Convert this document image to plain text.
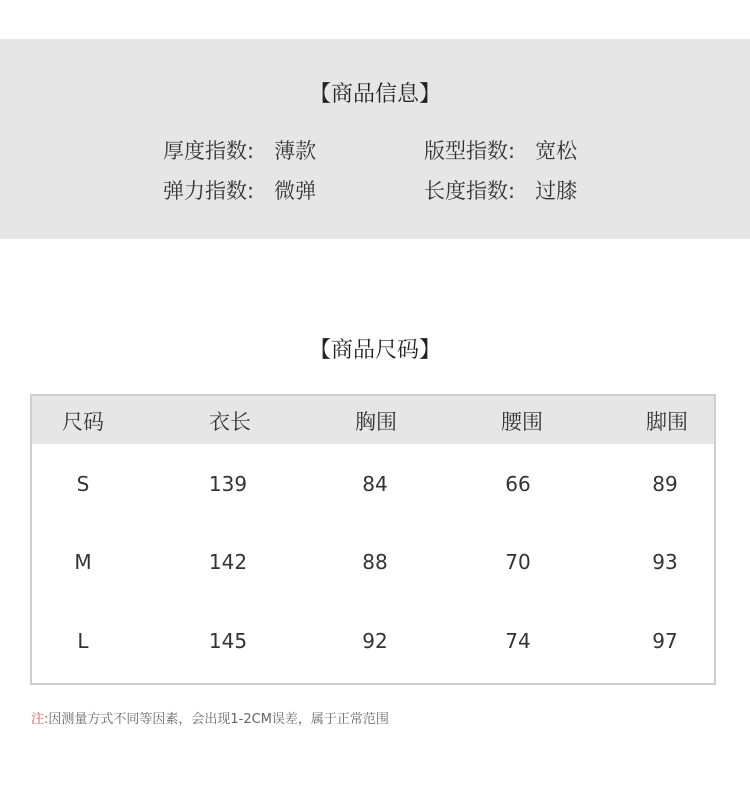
【商品信息】
厚度指数: 薄款	版型指数: 宽松
弹力指数: 微弹	长度指数: 过膝
【商品尺码】
尺码	衣长	胸围	腰围	脚围
S	139	84	66	89
M	142	88	70	93
L	145	92	74	97
注:因测量方式不同等因素，会出现1-2CM误差，属于正常范围
